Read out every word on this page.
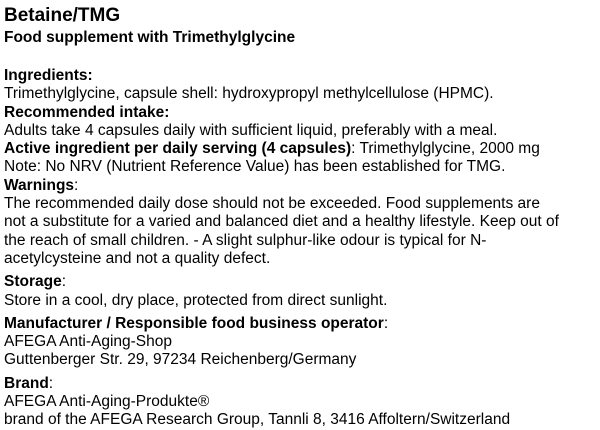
Betaine/TMG

Food supplement with Trimethylglycine

Ingredients:

Trimethylglycine, capsule shell: hydroxypropyl methylcellulose (HPMC).

Recommended intake:

Adults take 4 capsules daily with sufficient liquid, preferably with a meal.

Active ingredient per daily serving (4 capsules): Trimethylglycine, 2000 mg

Note: No NRV (Nutrient Reference Value) has been established for TMG.

Warnings:

The recommended daily dose should not be exceeded. Food supplements are

not a substitute for a varied and balanced diet and a healthy lifestyle. Keep out of

the reach of small children. - A slight sulphur-like odour is typical for N-

acetylcysteine and not a quality defect.

Storage:

Store in a cool, dry place, protected from direct sunlight.

Manufacturer / Responsible food business operator:

AFEGA Anti-Aging-Shop

Guttenberger Str. 29, 97234 Reichenberg/Germany

Brand:

AFEGA Anti-Aging-Produkte®

brand of the AFEGA Research Group, Tannli 8, 3416 Affoltern/Switzerland
